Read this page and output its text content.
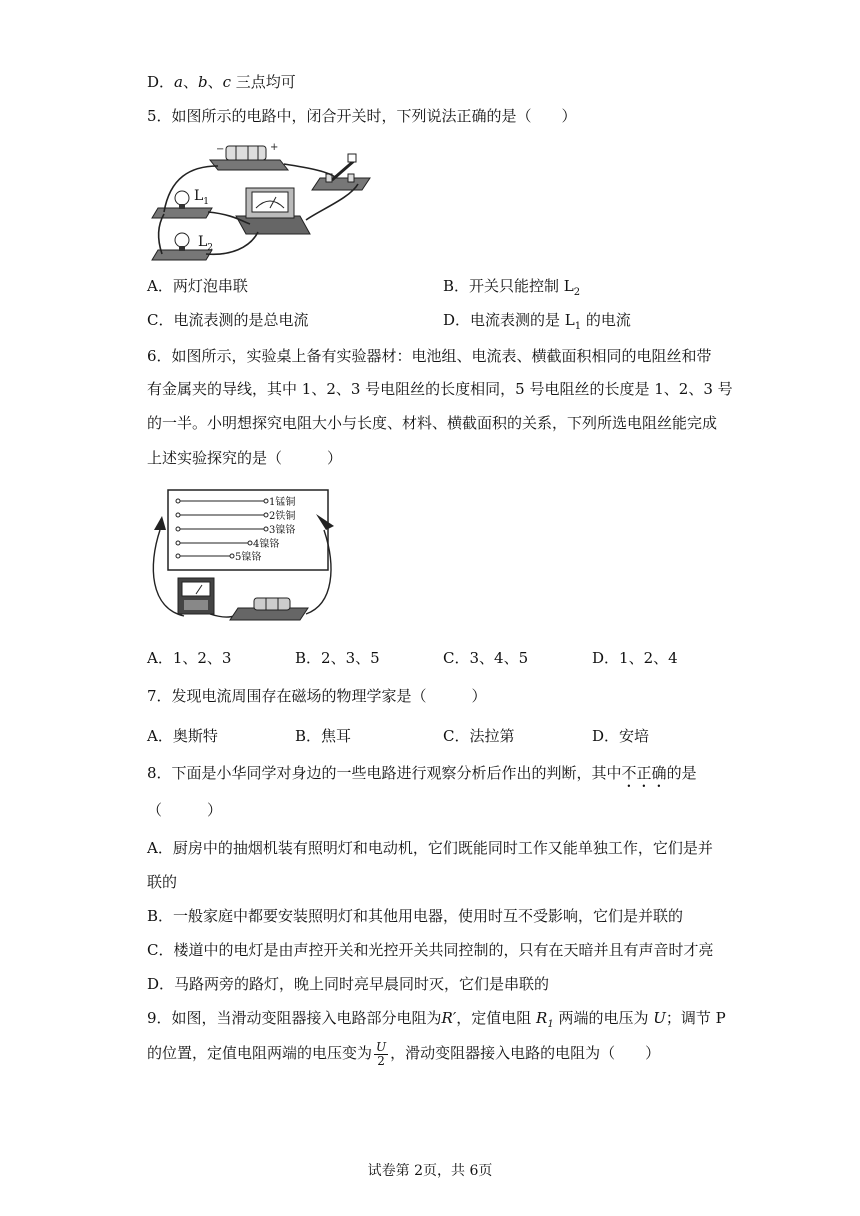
D．a、b、c 三点均可
5．如图所示的电路中，闭合开关时，下列说法正确的是（　　）
−	+
$L_1$
$L_2$
A．两灯泡串联	B．开关只能控制 $L_2$
C．电流表测的是总电流	D．电流表测的是 $L_1$ 的电流
6．如图所示，实验桌上备有实验器材：电池组、电流表、横截面积相同的电阻丝和带
有金属夹的导线，其中 1、2、3 号电阻丝的长度相同，5 号电阻丝的长度是 1、2、3 号
的一半。小明想探究电阻大小与长度、材料、横截面积的关系，下列所选电阻丝能完成
上述实验探究的是（　　　）
1锰铜
2铁铜
3镍铬
4镍铬
5镍铬
A．1、2、3	B．2、3、5	C．3、4、5	D．1、2、4
7．发现电流周围存在磁场的物理学家是（　　　）
A．奥斯特	B．焦耳	C．法拉第	D．安培
8．下面是小华同学对身边的一些电路进行观察分析后作出的判断，其中不正确的是
（　　　）
A．厨房中的抽烟机装有照明灯和电动机，它们既能同时工作又能单独工作，它们是并
联的
B．一般家庭中都要安装照明灯和其他用电器，使用时互不受影响，它们是并联的
C．楼道中的电灯是由声控开关和光控开关共同控制的，只有在天暗并且有声音时才亮
D．马路两旁的路灯，晚上同时亮早晨同时灭，它们是串联的
9．如图，当滑动变阻器接入电路部分电阻为R′，定值电阻 $R_1$ 两端的电压为 U；调节 P
的位置，定值电阻两端的电压变为 $\frac{U}{2}$ ，滑动变阻器接入电路的电阻为（　　）
试卷第 2页，共 6页
